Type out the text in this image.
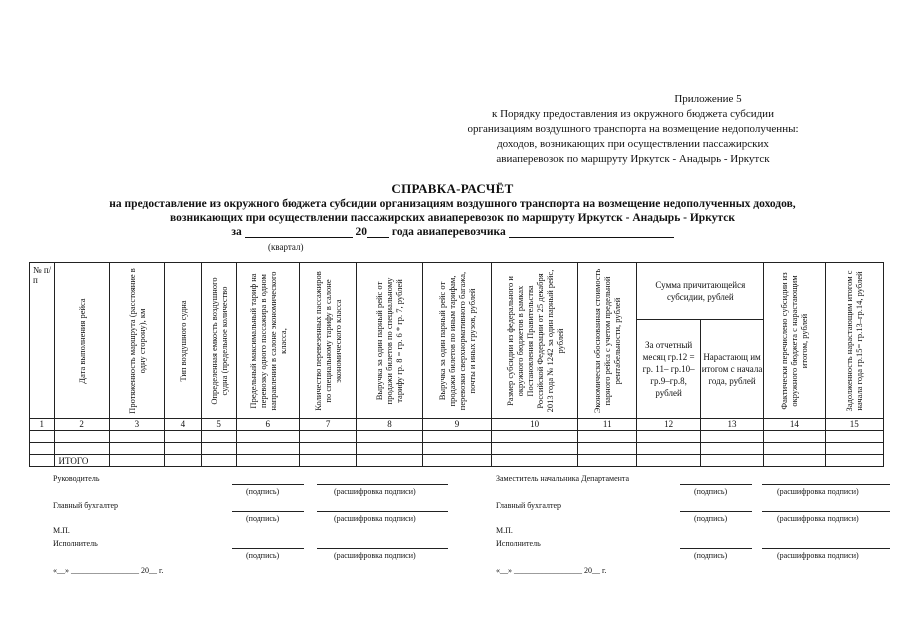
Приложение 5
к Порядку предоставления из окружного бюджета субсидии
организациям воздушного транспорта на возмещение недополученны:
доходов, возникающих при осуществлении пассажирских
авиаперевозок по маршруту Иркутск - Анадырь - Иркутск
СПРАВКА-РАСЧЁТ
на предоставление из окружного бюджета субсидии организациям воздушного транспорта на возмещение недополученных доходов,
возникающих при осуществлении пассажирских авиаперевозок по маршруту Иркутск - Анадырь - Иркутск
за	20 года авиаперевозчика
(квартал)
№ п/п	Дата выполнения рейса	Протяженность маршрута (расстояние в одну сторону), км	Тип воздушного судна	Определенная емкость воздушного судна (предельное количество	Предельный максимальный тариф на перевозку одного пассажира в одном направлении в салоне экономического класса,	Количество перевезенных пассажиров по специальному тарифу в салоне экономического класса	Выручка за один парный рейс от продажи билетов по специальному тарифу гр. 8 = гр. 6 * гр. 7, рублей	Выручка за один парный рейс от продажи билетов по иным тарифам, перевозки сверхнормативного багажа, почты и иных грузов, рублей	Размер субсидии из федерального и окружного бюджетов в рамках Постановления Правительства Российской Федерации от 25 декабря 2013 года № 1242 за один парный рейс, рублей	Экономически обоснованная стоимость парного рейса с учетом предельной рентабельности, рублей	Сумма причитающейся субсидии, рублей		Фактически перечислено субсидии из окружного бюджета с нарастающим итогом, рублей	Задолженность нарастающим итогом с начала года гр.15= гр.13–гр.14, рублей

											За отчетный месяц гр.12 = гр. 11– гр.10– гр.9–гр.8, рублей	Нарастающ им итогом с начала года, рублей		
1	2	3	4	5	6	7	8	9	10	11	12	13	14	15

	ИТОГО													
Руководитель
(подпись)	(расшифровка подписи)
Главный бухгалтер
(подпись)	(расшифровка подписи)
М.П.
Исполнитель
(подпись)	(расшифровка подписи)
«__» _________________ 20__ г.
Заместитель начальника Департамента
(подпись)	(расшифровка подписи)
Главный бухгалтер
(подпись)	(расшифровка подписи)
М.П.
Исполнитель
(подпись)	(расшифровка подписи)
«__» _________________ 20__ г.
